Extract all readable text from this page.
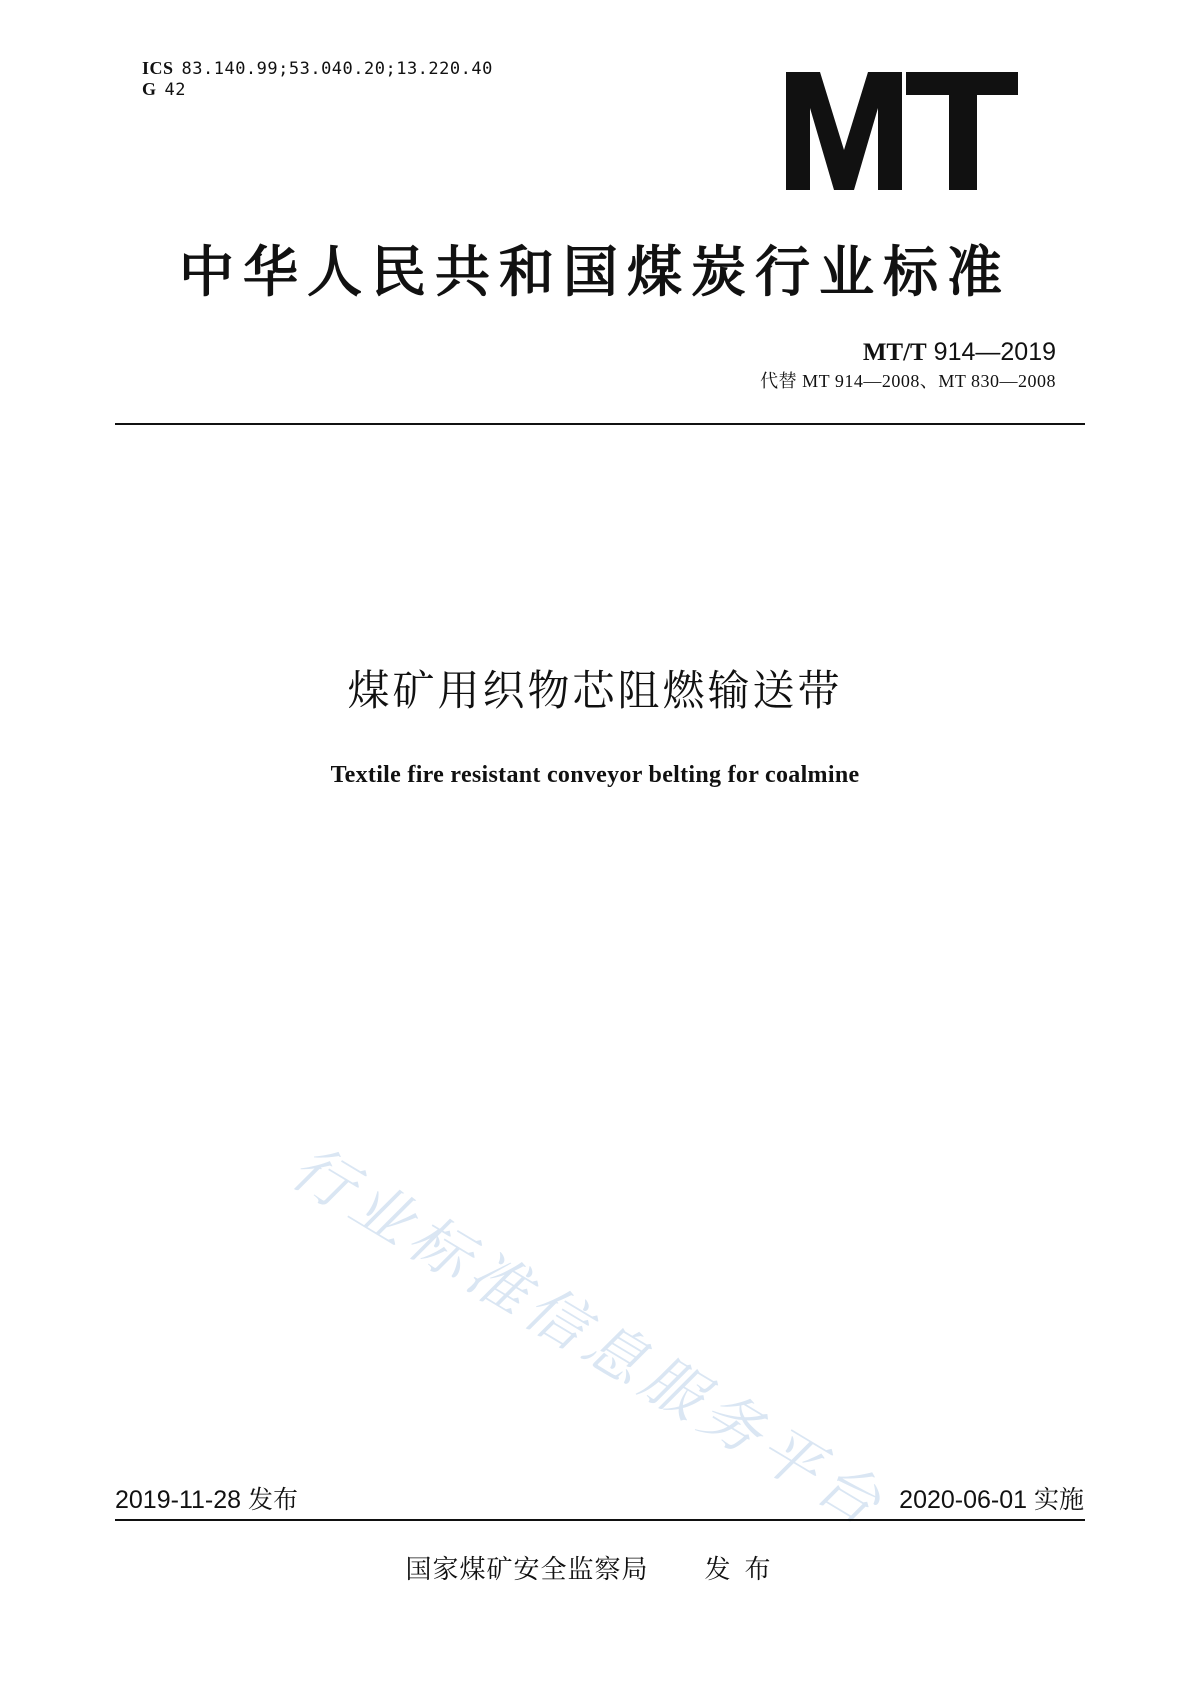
ICS 83.140.99;53.040.20;13.220.40
G 42
中华人民共和国煤炭行业标准
MT/T 914—2019
代替 MT 914—2008、MT 830—2008
煤矿用织物芯阻燃输送带
Textile fire resistant conveyor belting for coalmine
行业标准信息服务平台
2019-11-28 发布	2020-06-01 实施
国家煤矿安全监察局 发布
